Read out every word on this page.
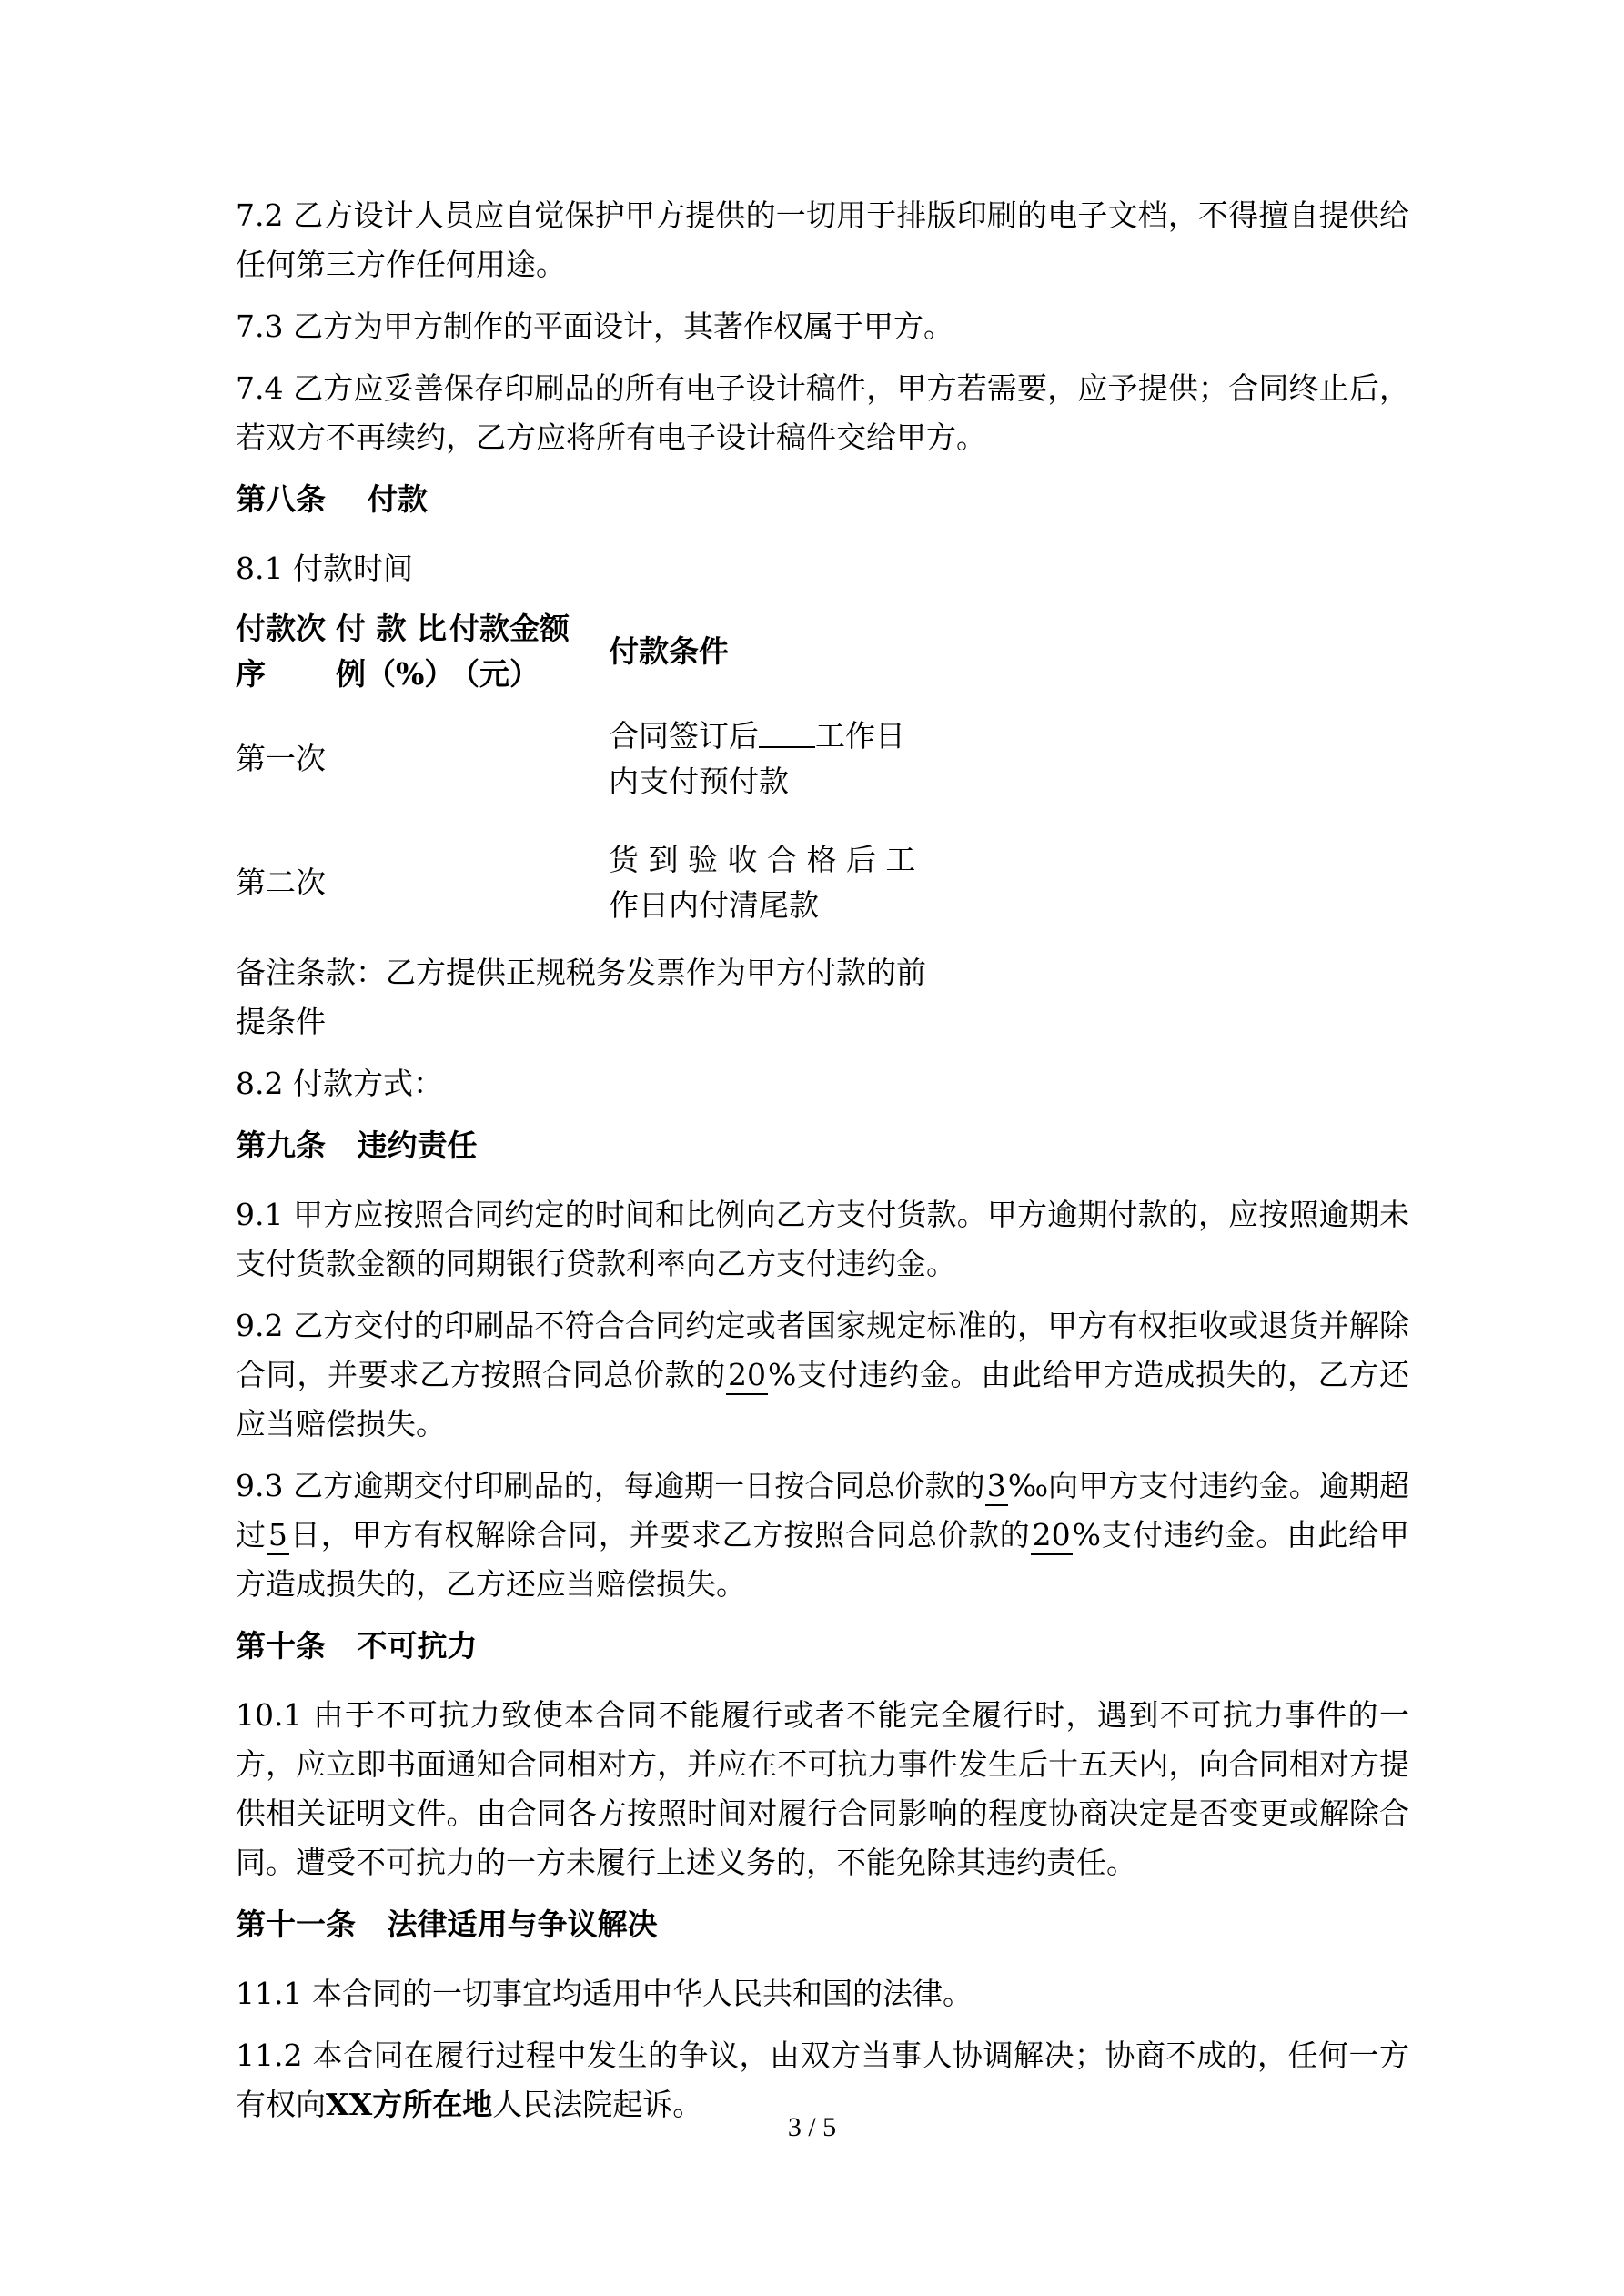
7.2 乙方设计人员应自觉保护甲方提供的一切用于排版印刷的电子文档，不得擅自提供给任何第三方作任何用途。

7.3 乙方为甲方制作的平面设计，其著作权属于甲方。

7.4 乙方应妥善保存印刷品的所有电子设计稿件，甲方若需要，应予提供；合同终止后，若双方不再续约，乙方应将所有电子设计稿件交给甲方。

第八条    付款

8.1 付款时间

付款次序	付 款 比例（%）	付款金额（元）	付款条件
第一次			合同签订后 工作日内支付预付款
第二次			货 到 验 收 合 格 后 工作日内付清尾款

备注条款：乙方提供正规税务发票作为甲方付款的前提条件

8.2 付款方式：

第九条   违约责任

9.1 甲方应按照合同约定的时间和比例向乙方支付货款。甲方逾期付款的，应按照逾期未支付货款金额的同期银行贷款利率向乙方支付违约金。

9.2 乙方交付的印刷品不符合合同约定或者国家规定标准的，甲方有权拒收或退货并解除合同，并要求乙方按照合同总价款的20%支付违约金。由此给甲方造成损失的，乙方还应当赔偿损失。

9.3 乙方逾期交付印刷品的，每逾期一日按合同总价款的3‰向甲方支付违约金。逾期超过5日，甲方有权解除合同，并要求乙方按照合同总价款的20%支付违约金。由此给甲方造成损失的，乙方还应当赔偿损失。

第十条   不可抗力

10.1 由于不可抗力致使本合同不能履行或者不能完全履行时，遇到不可抗力事件的一方，应立即书面通知合同相对方，并应在不可抗力事件发生后十五天内，向合同相对方提供相关证明文件。由合同各方按照时间对履行合同影响的程度协商决定是否变更或解除合同。遭受不可抗力的一方未履行上述义务的，不能免除其违约责任。

第十一条   法律适用与争议解决

11.1 本合同的一切事宜均适用中华人民共和国的法律。

11.2 本合同在履行过程中发生的争议，由双方当事人协调解决；协商不成的，任何一方有权向XX方所在地人民法院起诉。

3 / 5
